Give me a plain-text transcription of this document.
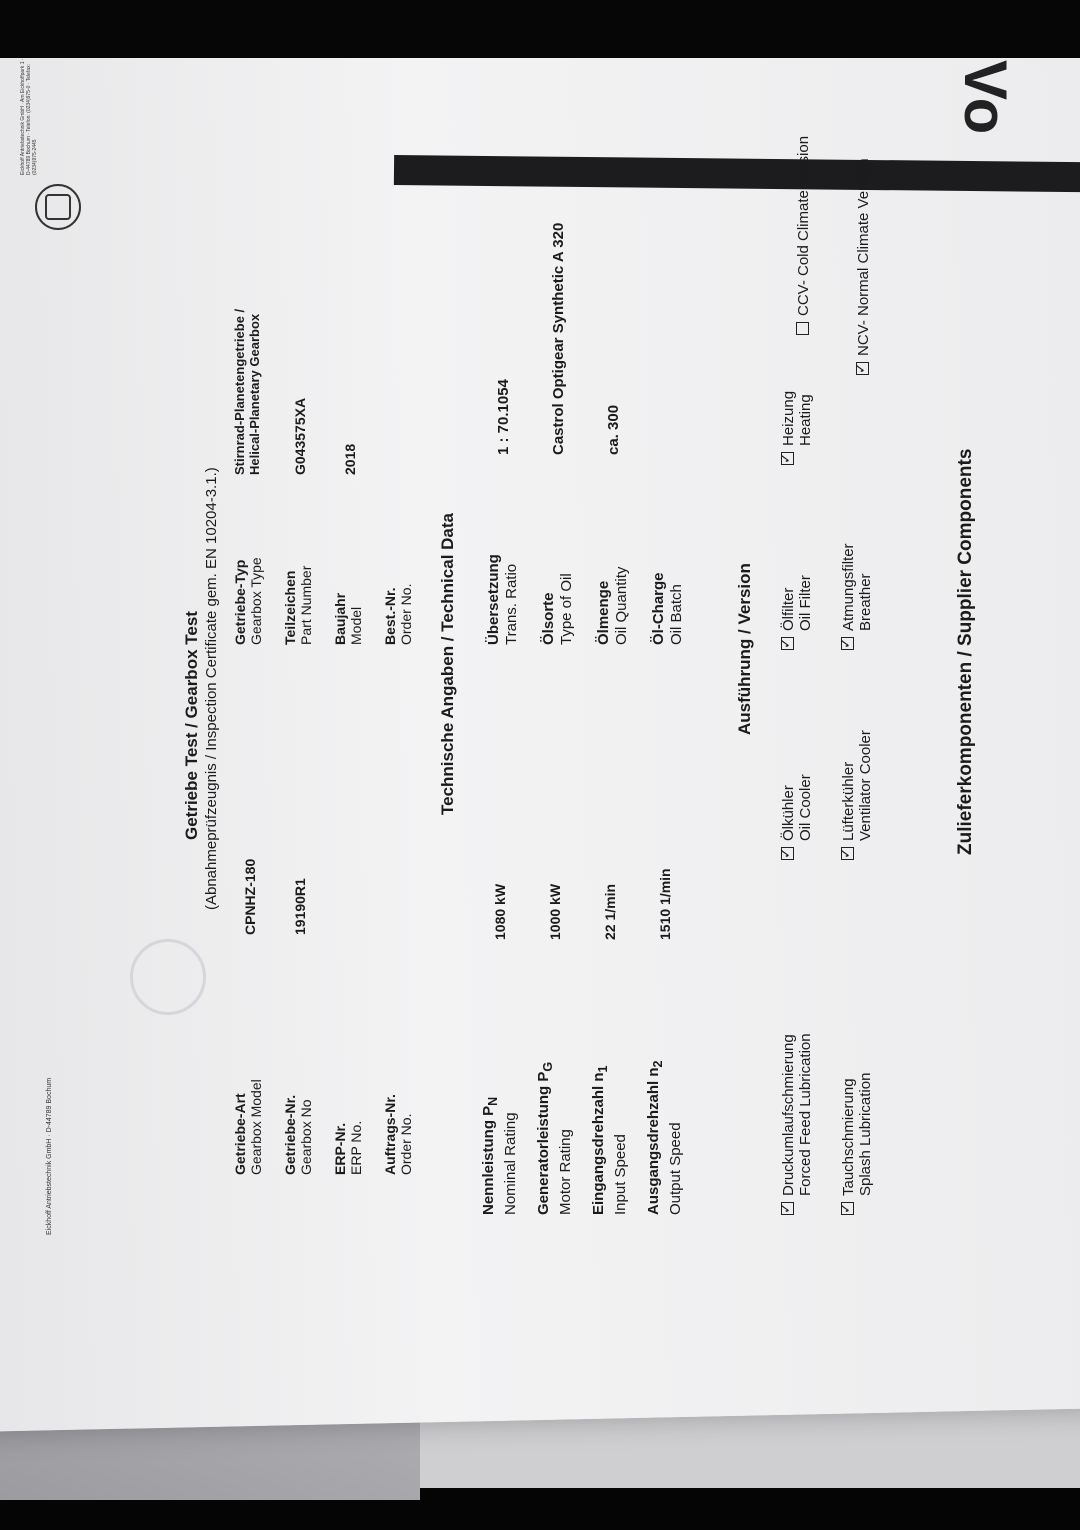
Vo
Eickhoff Antriebstechnik GmbH · D-44789 Bochum
Getriebe Test / Gearbox Test (Abnahmeprüfzeugnis / Inspection Certificate gem. EN 10204-3.1.)
Eickhoff Antriebstechnik GmbH · Am Eickhoffpark 1 · D-44789 Bochum · Telefon: (0234)975-0 · Telefax: (0234)975-2445
Getriebe-Art
Gearbox Model
CPNHZ-180
Getriebe-Nr.
Gearbox No
19190R1
ERP-Nr.
ERP No. Auftrags-Nr.
Order No.
Getriebe-Typ
Gearbox Type
Stirnrad-Planetengetriebe /
Helical-Planetary Gearbox
Teilzeichen
Part Number
G043575XA
Baujahr
Model
2018
Best.-Nr.
Order No. Technische Angaben / Technical Data
Nennleistung $P_N$
Nominal Rating
1080 kW
Generatorleistung $P_G$
Motor Rating
1000 kW
Eingangsdrehzahl $n_1$
Input Speed
22 1/min
Ausgangsdrehzahl $n_2$
Output Speed
1510 1/min
Übersetzung
Trans. Ratio
1 : 70.1054
Ölsorte
Type of Oil
Castrol Optigear Synthetic A 320
Ölmenge
Oil Quantity
ca. 300
Öl-Charge
Oil Batch	Ausführung / Version
✓Druckumlaufschmierung
Forced Feed Lubrication
✓Ölkühler
Oil Cooler
✓Ölfilter
Oil Filter
✓Heizung
Heating
CCV- Cold Climate Version
✓Tauchschmierung
Splash Lubrication
✓Lüfterkühler
Ventilator Cooler
✓Atmungsfilter
Breather
✓NCV- Normal Climate Version
Zulieferkomponenten / Supplier Components
